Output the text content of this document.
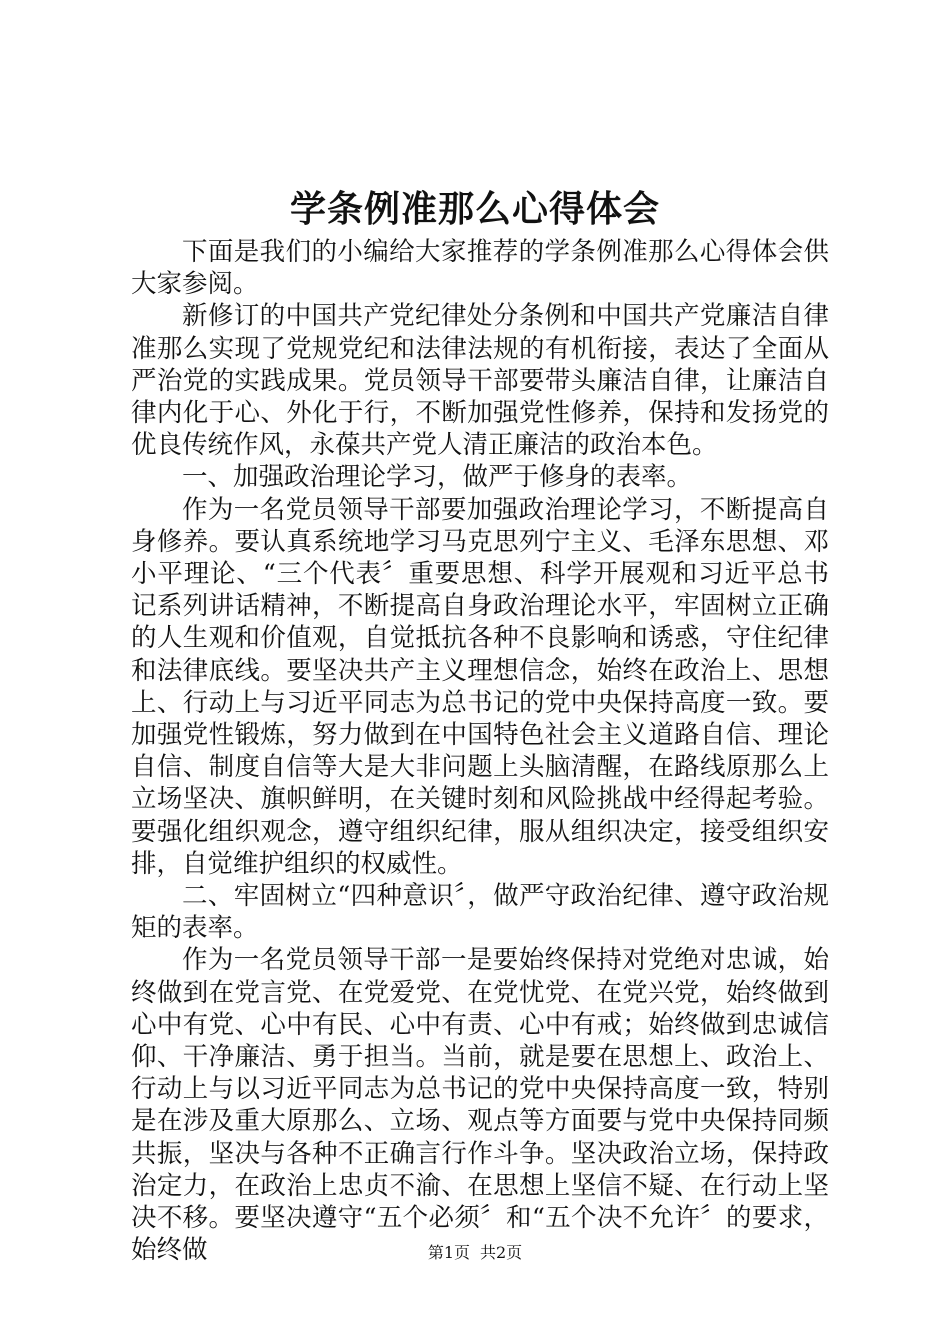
学条例准那么心得体会

下面是我们的小编给大家推荐的学条例准那么心得体会供大家参阅。

新修订的中国共产党纪律处分条例和中国共产党廉洁自律准那么实现了党规党纪和法律法规的有机衔接，表达了全面从严治党的实践成果。党员领导干部要带头廉洁自律，让廉洁自律内化于心、外化于行，不断加强党性修养，保持和发扬党的优良传统作风，永葆共产党人清正廉洁的政治本色。

一、加强政治理论学习，做严于修身的表率。

作为一名党员领导干部要加强政治理论学习，不断提高自身修养。要认真系统地学习马克思列宁主义、毛泽东思想、邓小平理论、“三个代表〞重要思想、科学开展观和习近平总书记系列讲话精神，不断提高自身政治理论水平，牢固树立正确的人生观和价值观，自觉抵抗各种不良影响和诱惑，守住纪律和法律底线。要坚决共产主义理想信念，始终在政治上、思想上、行动上与习近平同志为总书记的党中央保持高度一致。要加强党性锻炼，努力做到在中国特色社会主义道路自信、理论自信、制度自信等大是大非问题上头脑清醒，在路线原那么上立场坚决、旗帜鲜明，在关键时刻和风险挑战中经得起考验。要强化组织观念，遵守组织纪律，服从组织决定，接受组织安排，自觉维护组织的权威性。

二、牢固树立“四种意识〞，做严守政治纪律、遵守政治规矩的表率。

作为一名党员领导干部一是要始终保持对党绝对忠诚，始终做到在党言党、在党爱党、在党忧党、在党兴党，始终做到心中有党、心中有民、心中有责、心中有戒；始终做到忠诚信仰、干净廉洁、勇于担当。当前，就是要在思想上、政治上、行动上与以习近平同志为总书记的党中央保持高度一致，特别是在涉及重大原那么、立场、观点等方面要与党中央保持同频共振，坚决与各种不正确言行作斗争。坚决政治立场，保持政治定力，在政治上忠贞不渝、在思想上坚信不疑、在行动上坚决不移。要坚决遵守“五个必须〞和“五个决不允许〞的要求，始终做	第1页 共2页
